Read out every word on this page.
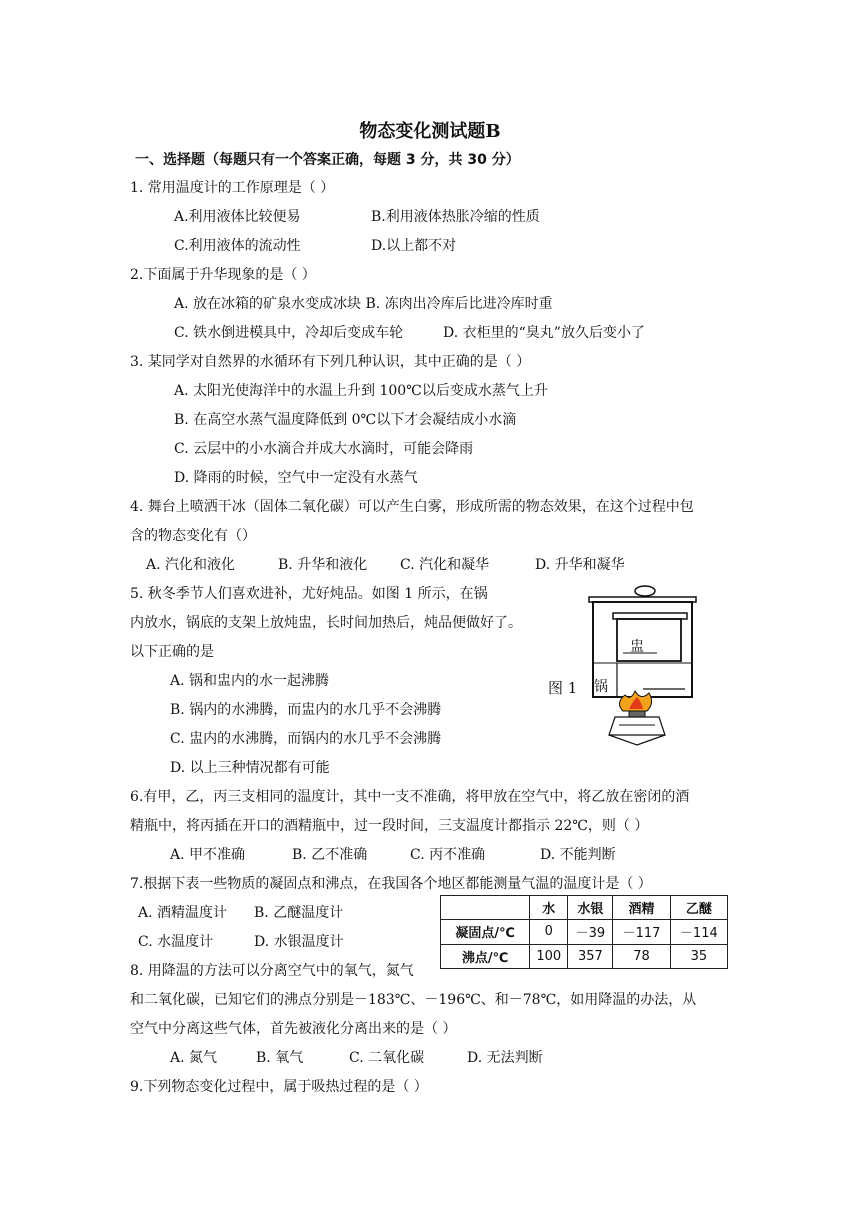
物态变化测试题B
一、选择题（每题只有一个答案正确，每题 3 分，共 30 分）
1. 常用温度计的工作原理是（ ）
A.利用液体比较便易	B.利用液体热胀冷缩的性质
C.利用液体的流动性	D.以上都不对
2.下面属于升华现象的是（ ）
A. 放在冰箱的矿泉水变成冰块 B. 冻肉出冷库后比进冷库时重
C. 铁水倒进模具中，冷却后变成车轮	D. 衣柜里的“臭丸”放久后变小了
3. 某同学对自然界的水循环有下列几种认识，其中正确的是（ ）
A. 太阳光使海洋中的水温上升到 100℃以后变成水蒸气上升
B. 在高空水蒸气温度降低到 0℃以下才会凝结成小水滴
C. 云层中的小水滴合并成大水滴时，可能会降雨
D. 降雨的时候，空气中一定没有水蒸气
4. 舞台上喷洒干冰（固体二氧化碳）可以产生白雾，形成所需的物态效果，在这个过程中包
含的物态变化有（）
A. 汽化和液化	B. 升华和液化 C. 汽化和凝华	D. 升华和凝华
5. 秋冬季节人们喜欢进补，尤好炖品。如图 1 所示，在锅
内放水，锅底的支架上放炖盅，长时间加热后，炖品便做好了。
以下正确的是
A. 锅和盅内的水一起沸腾
B. 锅内的水沸腾，而盅内的水几乎不会沸腾
C. 盅内的水沸腾，而锅内的水几乎不会沸腾
D. 以上三种情况都有可能
图 1
盅
锅
6.有甲，乙，丙三支相同的温度计，其中一支不准确，将甲放在空气中，将乙放在密闭的酒
精瓶中，将丙插在开口的酒精瓶中，过一段时间，三支温度计都指示 22℃，则（ ）
A. 甲不准确	B. 乙不准确	C. 丙不准确	D. 不能判断
7.根据下表一些物质的凝固点和沸点，在我国各个地区都能测量气温的温度计是（ ）
A. 酒精温度计 B. 乙醚温度计
C. 水温度计	D. 水银温度计
	水	水银	酒精	乙醚
凝固点/℃	0	－39	－117	－114
沸点/℃	100	357	78	35
8. 用降温的方法可以分离空气中的氧气，氮气
和二氧化碳，已知它们的沸点分别是－183℃、－196℃、和－78℃，如用降温的办法，从
空气中分离这些气体，首先被液化分离出来的是（ ）
A. 氮气	B. 氧气	C. 二氧化碳	D. 无法判断
9.下列物态变化过程中，属于吸热过程的是（ ）
